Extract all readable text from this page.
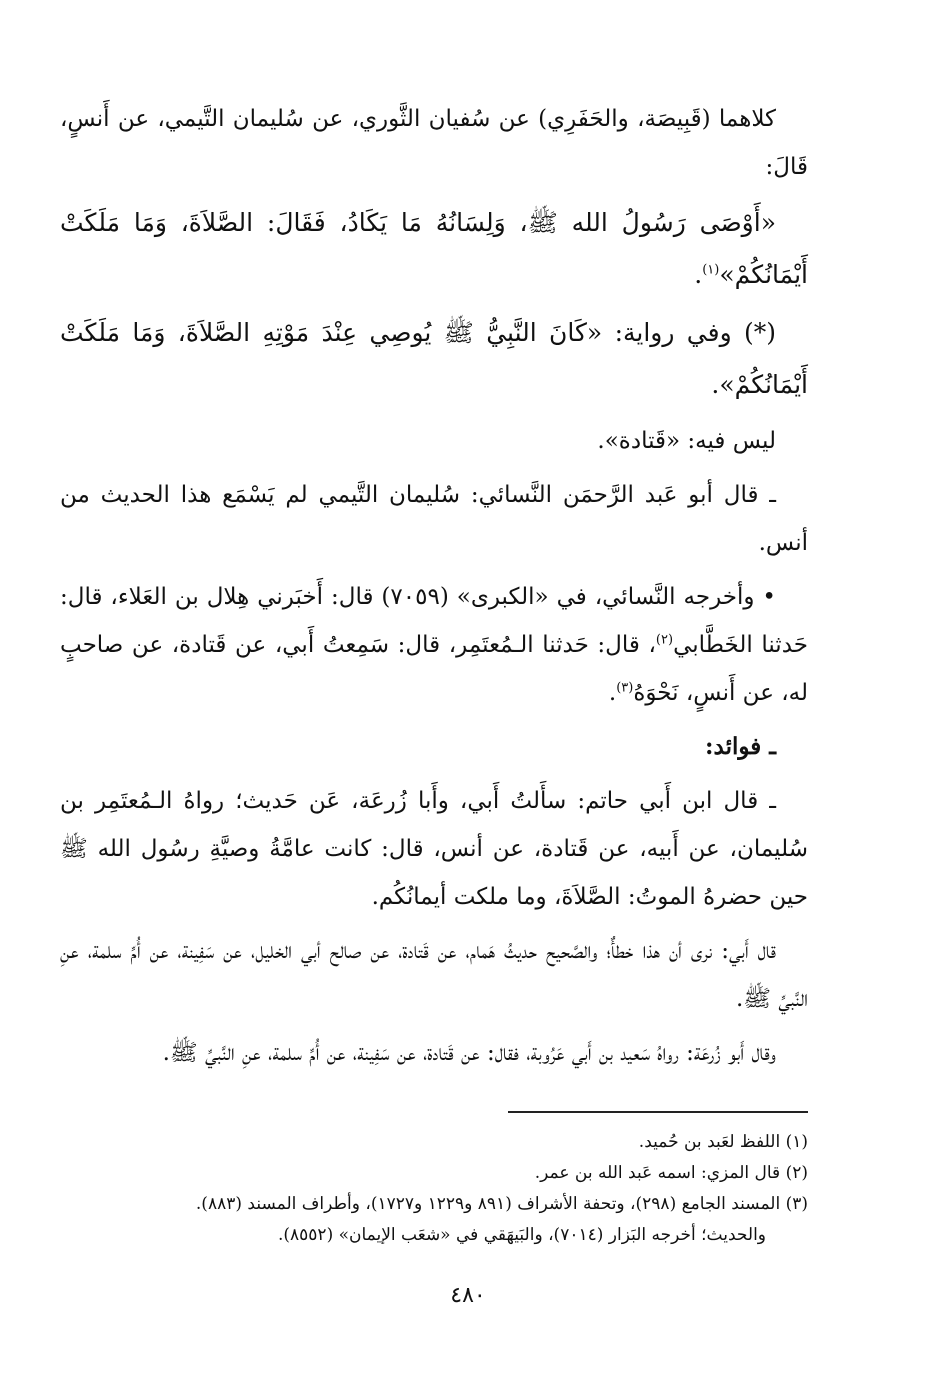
كلاهما (قَبِيصَة، والحَفَرِي) عن سُفيان الثَّوري، عن سُليمان التَّيمي، عن أَنسٍ، قَالَ:

«أَوْصَى رَسُولُ الله ﷺ، وَلِسَانُهُ مَا يَكَادُ، فَقَالَ: الصَّلاَةَ، وَمَا مَلَكَتْ أَيْمَانُكُمْ»$^{(١)}$.

(*) وفي رواية: «كَانَ النَّبِيُّ ﷺ يُوصِي عِنْدَ مَوْتِهِ الصَّلاَةَ، وَمَا مَلَكَتْ أَيْمَانُكُمْ».

ليس فيه: «قَتادة».

ـ قال أبو عَبد الرَّحمَن النَّسائي: سُليمان التَّيمي لم يَسْمَع هذا الحديث من أنس.

• وأخرجه النَّسائي، في «الكبرى» (٧٠٥٩) قال: أَخبَرني هِلال بن العَلاء، قال: حَدثنا الخَطَّابي$^{(٢)}$، قال: حَدثنا الـمُعتَمِر، قال: سَمِعتُ أَبي، عن قَتادة، عن صاحبٍ له، عن أَنسٍ، نَحْوَهُ$^{(٣)}$.

ـ فوائد:

ـ قال ابن أَبي حاتم: سأَلتُ أَبي، وأَبا زُرعَة، عَن حَديث؛ رواهُ الـمُعتَمِر بن سُليمان، عن أَبيه، عن قَتادة، عن أنس، قال: كانت عامَّةُ وصيَّةِ رسُول الله ﷺ حين حضرهُ الموتُ: الصَّلاَةَ، وما ملكت أيمانُكُم.

قال أَبي: نرى أن هذا خطأٌ؛ والصَّحيح حديثُ هَمام، عن قَتادة، عن صالح أبي الخليل، عن سَفِينة، عن أُمِّ سلمة، عنِ النَّبيِّ ﷺ.

وقال أَبو زُرعَة: رواهُ سَعيد بن أَبي عَرُوبة، فقال: عن قَتادة، عن سَفِينة، عن أُمِّ سلمة، عنِ النَّبيِّ ﷺ.

(١) اللفظ لعَبد بن حُميد.

(٢) قال المزي: اسمه عَبد الله بن عمر.

(٣) المسند الجامع (٢٩٨)، وتحفة الأشراف (٨٩١ و١٢٢٩ و١٧٢٧)، وأطراف المسند (٨٨٣).

والحديث؛ أخرجه البَزار (٧٠١٤)، والبَيهَقي في «شعَب الإيمان» (٨٥٥٢).

٤٨٠
